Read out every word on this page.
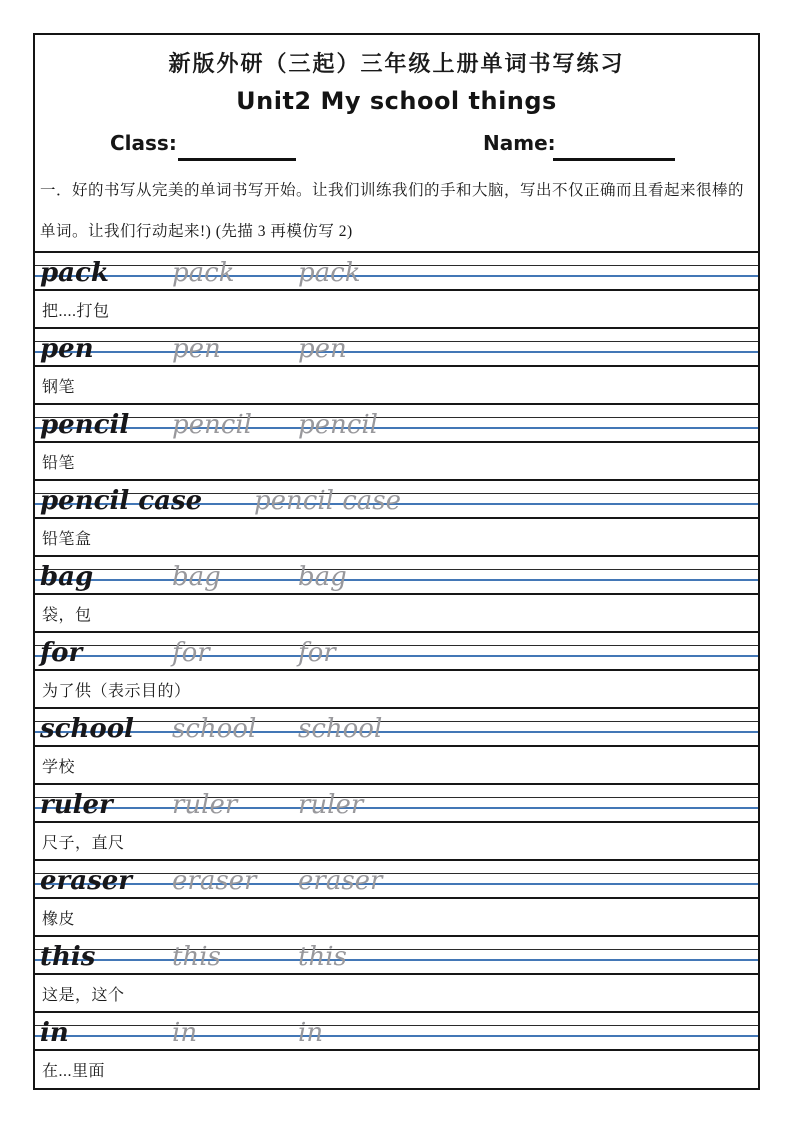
新版外研（三起）三年级上册单词书写练习
Unit2 My school things
Class:	Name:
一．好的书写从完美的单词书写开始。让我们训练我们的手和大脑，写出不仅正确而且看起来很棒的
单词。让我们行动起来!) (先描 3 再模仿写 2)
pack pack pack
把....打包
pen	pen	pen
钢笔
pencil pencil pencil
铅笔
pencil case pencil case
铅笔盒
bag	bag	bag
袋，包
for	for	for
为了供（表示目的）
school school school
学校
ruler ruler ruler
尺子，直尺
eraser eraser eraser
橡皮
this	this	this
这是，这个
in	in	in
在...里面
